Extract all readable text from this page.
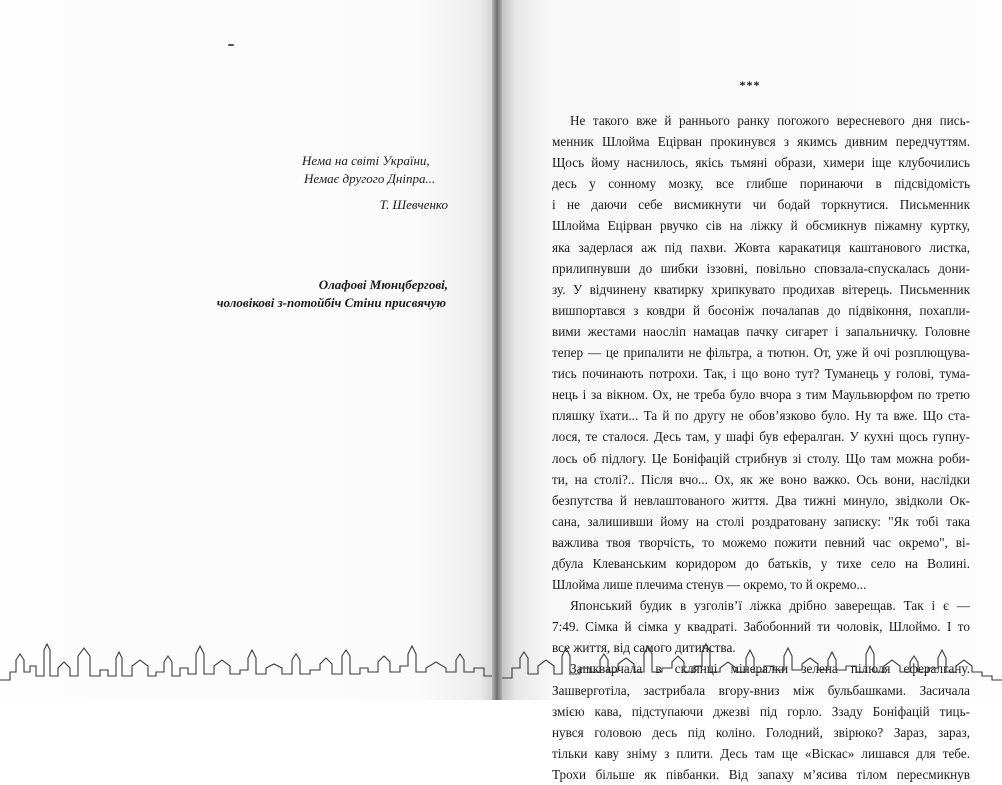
Нема на світі України,
Немає другого Дніпра...
Т. Шевченко
Олафові Мюнцбергові,
чоловікові з-потойбіч Стіни присвячую
***
Не такого вже й раннього ранку погожого вересневого дня пись-
менник Шлойма Ецірван прокинувся з якимсь дивним передчуттям.
Щось йому наснилось, якісь тьмяні образи, химери іще клубочились
десь у сонному мозку, все глибше поринаючи в підсвідомість
і не даючи себе висмикнути чи бодай торкнутися. Письменник
Шлойма Ецірван рвучко сів на ліжку й обсмикнув піжамну куртку,
яка задерлася аж під пахви. Жовта каракатиця каштанового листка,
прилипнувши до шибки іззовні, повільно сповзала-спускалась дони-
зу. У відчинену кватирку хрипкувато продихав вітерець. Письменник
вишпортався з ковдри й босоніж почалапав до підвіконня, похапли-
вими жестами наосліп намацав пачку сигарет і запальничку. Головне
тепер — це припалити не фільтра, а тютюн. От, уже й очі розплющува-
тись починають потрохи. Так, і що воно тут? Туманець у голові, тума-
нець і за вікном. Ох, не треба було вчора з тим Маульвюрфом по третю
пляшку їхати... Та й по другу не обов’язково було. Ну та вже. Що ста-
лося, те сталося. Десь там, у шафі був ефералган. У кухні щось гупну-
лось об підлогу. Це Боніфацій стрибнув зі столу. Що там можна роби-
ти, на столі?.. Після вчо... Ох, як же воно важко. Ось вони, наслідки
безпутства й невлаштованого життя. Два тижні минуло, звідколи Ок-
сана, залишивши йому на столі роздратовану записку: "Як тобі така
важлива твоя творчість, то можемо пожити певний час окремо", ві-
дбула Клеванським коридором до батьків, у тихе село на Волині.
Шлойма лише плечима стенув — окремо, то й окремо...
Японський будик в узголів’ї ліжка дрібно заверещав. Так і є —
7:49. Сімка й сімка у квадраті. Забобонний ти чоловік, Шлоймо. І то
все життя, від самого дитинства.
Зашкварчала в склянці мінералки зелена пілюля ефералгану.
Зашверготіла, застрибала вгору-вниз між бульбашками. Засичала
змією кава, підступаючи джезві під горло. Ззаду Боніфацій тиць-
нувся головою десь під коліно. Голодний, звірюко? Зараз, зараз,
тільки каву зніму з плити. Десь там ще «Віскас» лишався для тебе.
Трохи більше як півбанки. Від запаху м’ясива тілом пересмикнув
